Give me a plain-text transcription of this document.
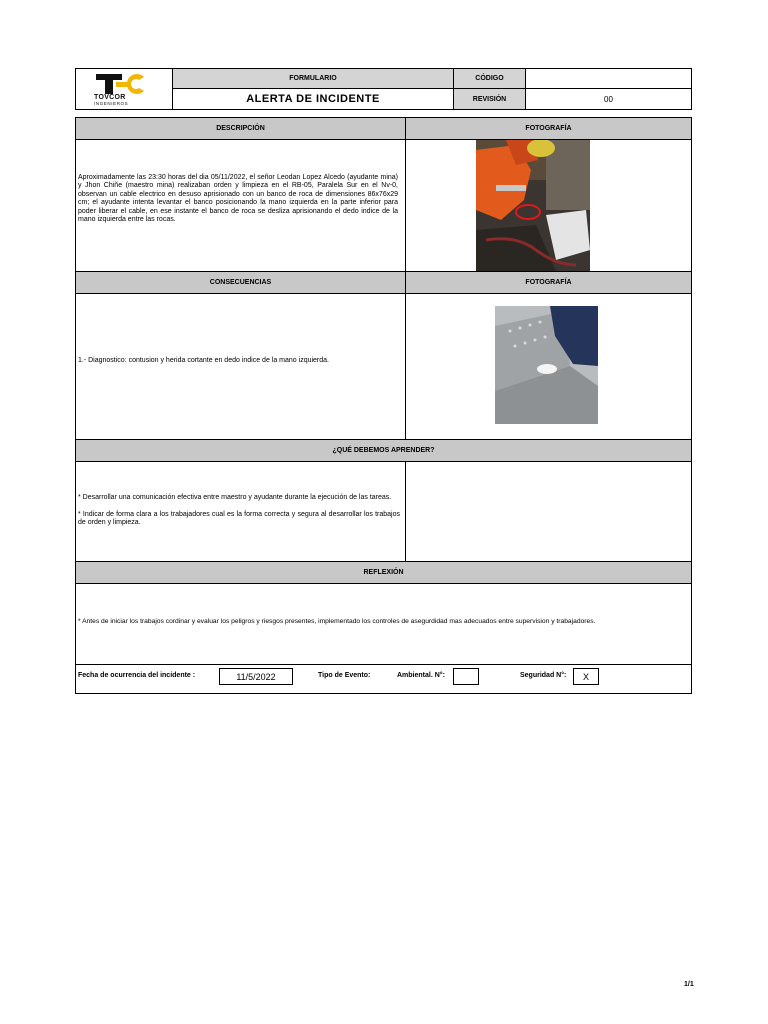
TOVCOR
INGENIEROS
FORMULARIO
ALERTA DE INCIDENTE
CÓDIGO
REVISIÓN	00
DESCRIPCIÓN	FOTOGRAFÍA
Aproximadamente las 23:30 horas del dia 05/11/2022, el señor Leodan Lopez Alcedo (ayudante mina) y Jhon Chiñe (maestro mina) realizaban orden y limpieza en el RB-05, Paralela Sur en el Nv-0, observan un cable electrico en desuso aprisionado con un banco de roca de dimensiones 86x76x29 cm; el ayudante intenta levantar el banco posicionando la mano izquierda en la parte inferior para poder liberar el cable, en ese instante el banco de roca se desliza aprisionando el dedo indice de la mano izquierda entre las rocas.
CONSECUENCIAS	FOTOGRAFÍA
1.- Diagnostico: contusion y herida cortante en dedo indice de la mano izquierda.
¿QUÉ DEBEMOS APRENDER?
* Desarrollar una comunicación efectiva entre maestro y ayudante durante la ejecución de las tareas.
* Indicar de forma clara a los trabajadores cual es la forma correcta y segura al desarrollar los trabajos de orden y limpieza.
REFLEXIÓN
* Antes de iniciar los trabajos cordinar y evaluar los peligros y riesgos presentes, implementado los controles de asegurdidad mas adecuados entre supervision y trabajadores.
Fecha de ocurrencia del incidente :	11/5/2022	Tipo de Evento:	Ambiental. N°:	Seguridad N°:	X
1/1
